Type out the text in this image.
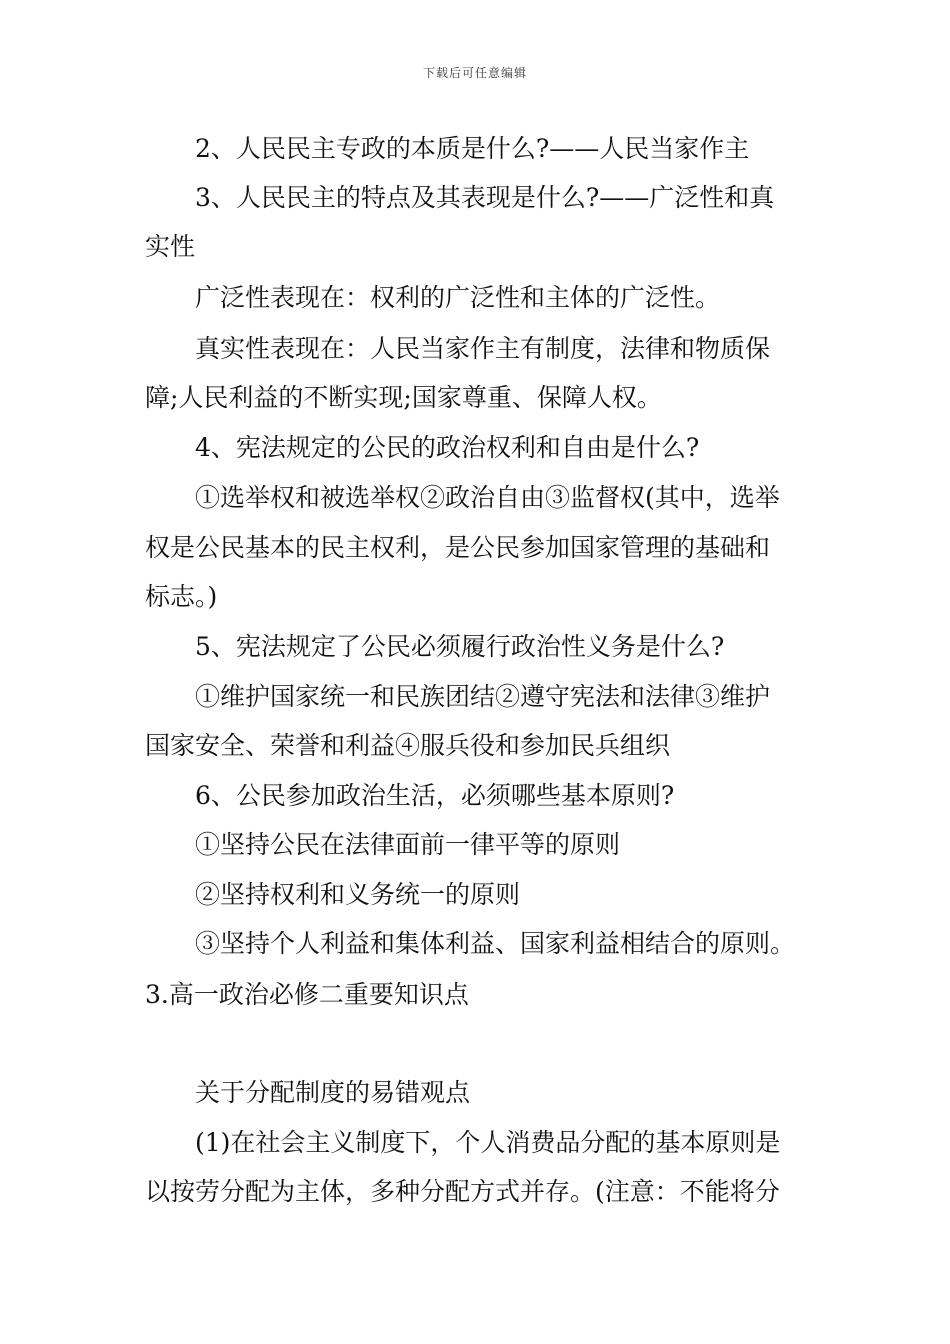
下载后可任意编辑
2、人民民主专政的本质是什么?——人民当家作主
3、人民民主的特点及其表现是什么?——广泛性和真
实性
广泛性表现在：权利的广泛性和主体的广泛性。
真实性表现在：人民当家作主有制度，法律和物质保
障;人民利益的不断实现;国家尊重、保障人权。
4、宪法规定的公民的政治权利和自由是什么?
①选举权和被选举权②政治自由③监督权(其中，选举
权是公民基本的民主权利，是公民参加国家管理的基础和
标志。)
5、宪法规定了公民必须履行政治性义务是什么?
①维护国家统一和民族团结②遵守宪法和法律③维护
国家安全、荣誉和利益④服兵役和参加民兵组织
6、公民参加政治生活，必须哪些基本原则?
①坚持公民在法律面前一律平等的原则
②坚持权利和义务统一的原则
③坚持个人利益和集体利益、国家利益相结合的原则。
3.高一政治必修二重要知识点
关于分配制度的易错观点
(1)在社会主义制度下，个人消费品分配的基本原则是
以按劳分配为主体，多种分配方式并存。(注意：不能将分
